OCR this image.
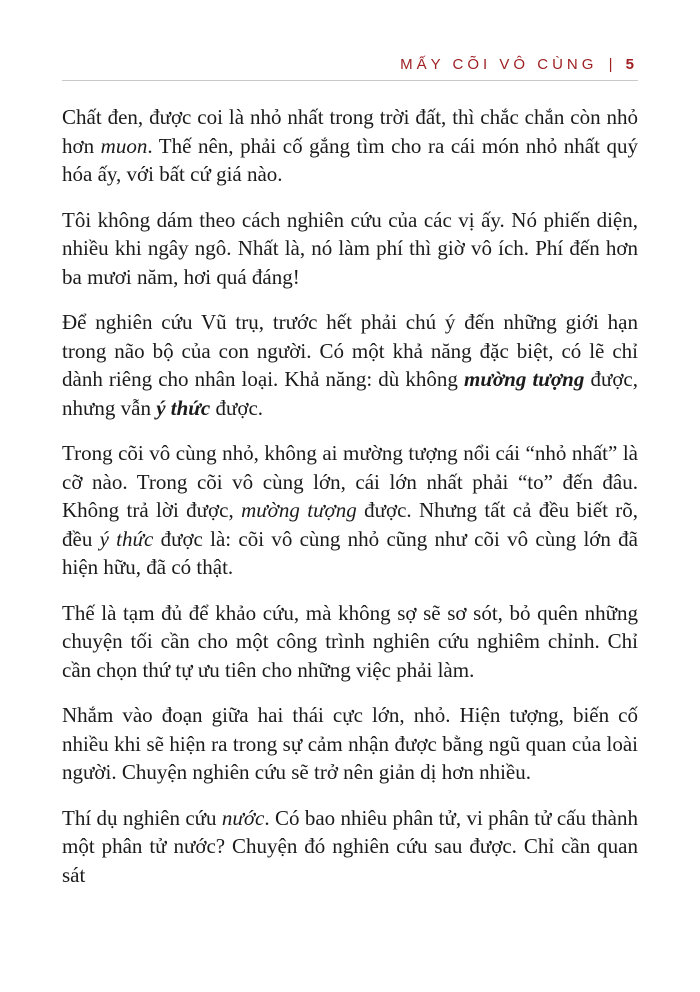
MẤY CÕI VÔ CÙNG | 5

Chất đen, được coi là nhỏ nhất trong trời đất, thì chắc chắn còn nhỏ hơn muon. Thế nên, phải cố gắng tìm cho ra cái món nhỏ nhất quý hóa ấy, với bất cứ giá nào.

Tôi không dám theo cách nghiên cứu của các vị ấy. Nó phiến diện, nhiều khi ngây ngô. Nhất là, nó làm phí thì giờ vô ích. Phí đến hơn ba mươi năm, hơi quá đáng!

Để nghiên cứu Vũ trụ, trước hết phải chú ý đến những giới hạn trong não bộ của con người. Có một khả năng đặc biệt, có lẽ chỉ dành riêng cho nhân loại. Khả năng: dù không mường tượng được, nhưng vẫn ý thức được.

Trong cõi vô cùng nhỏ, không ai mường tượng nổi cái “nhỏ nhất” là cỡ nào. Trong cõi vô cùng lớn, cái lớn nhất phải “to” đến đâu. Không trả lời được, mường tượng được. Nhưng tất cả đều biết rõ, đều ý thức được là: cõi vô cùng nhỏ cũng như cõi vô cùng lớn đã hiện hữu, đã có thật.

Thế là tạm đủ để khảo cứu, mà không sợ sẽ sơ sót, bỏ quên những chuyện tối cần cho một công trình nghiên cứu nghiêm chỉnh. Chỉ cần chọn thứ tự ưu tiên cho những việc phải làm.

Nhắm vào đoạn giữa hai thái cực lớn, nhỏ. Hiện tượng, biến cố nhiều khi sẽ hiện ra trong sự cảm nhận được bằng ngũ quan của loài người. Chuyện nghiên cứu sẽ trở nên giản dị hơn nhiều.

Thí dụ nghiên cứu nước. Có bao nhiêu phân tử, vi phân tử cấu thành một phân tử nước? Chuyện đó nghiên cứu sau được. Chỉ cần quan sát
